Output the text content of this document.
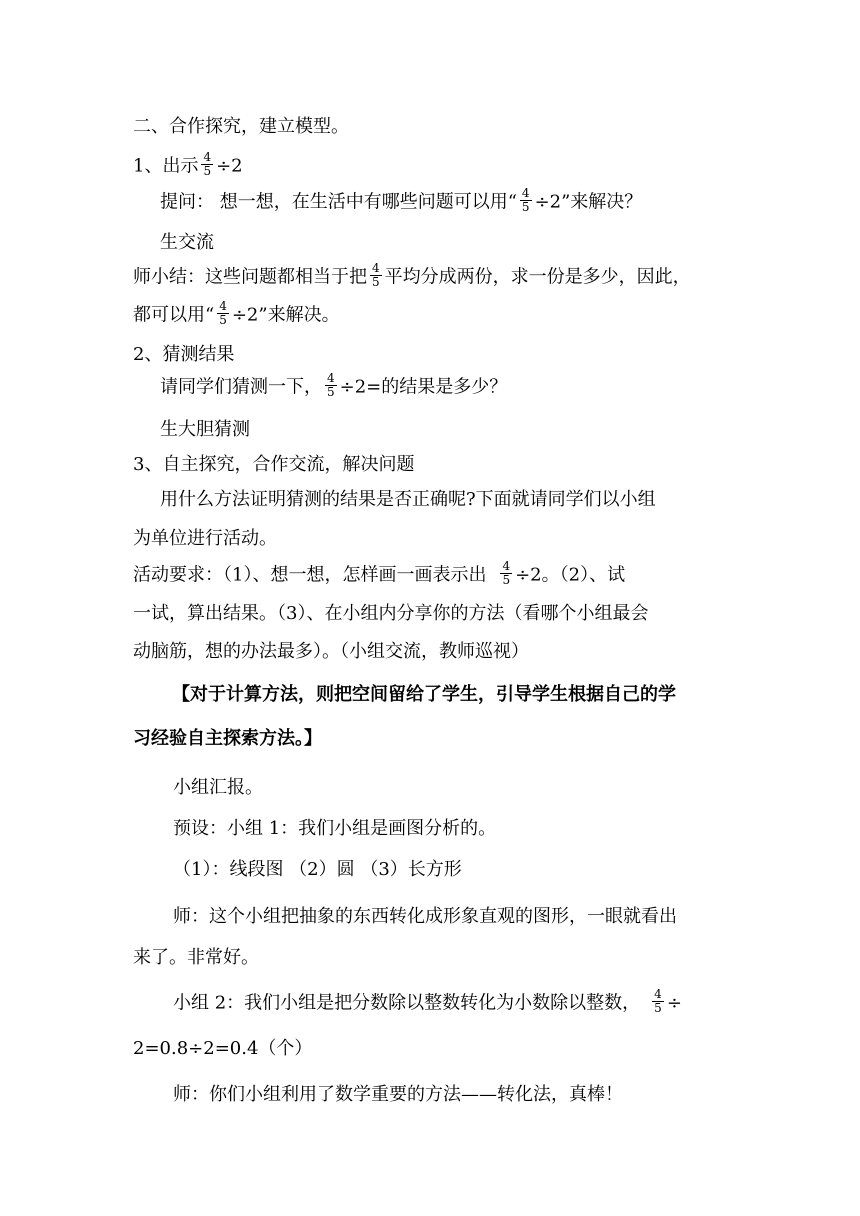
二、合作探究，建立模型。
1、出示 $\frac{4}{5} \div 2$
提问： 想一想，在生活中有哪些问题可以用“ $\frac{4}{5} \div 2$”来解决？
生交流
师小结：这些问题都相当于把 $\frac{4}{5}$ 平均分成两份，求一份是多少，因此，
都可以用“ $\frac{4}{5} \div 2$”来解决。
2、猜测结果
请同学们猜测一下， $\frac{4}{5} \div 2=$的结果是多少？
生大胆猜测
3、自主探究，合作交流，解决问题
用什么方法证明猜测的结果是否正确呢?下面就请同学们以小组
为单位进行活动。
活动要求：（1）、想一想，怎样画一画表示出 $\frac{4}{5} \div 2$。（2）、试
一试，算出结果。（3）、在小组内分享你的方法（看哪个小组最会
动脑筋，想的办法最多）。（小组交流，教师巡视）
【对于计算方法，则把空间留给了学生，引导学生根据自己的学
习经验自主探索方法。】
小组汇报。
预设：小组 1：我们小组是画图分析的。
（1）：线段图 （2）圆 （3）长方形
师：这个小组把抽象的东西转化成形象直观的图形，一眼就看出
来了。非常好。
小组 2：我们小组是把分数除以整数转化为小数除以整数， $\frac{4}{5}$ ÷
2=0.8÷2=0.4（个）
师：你们小组利用了数学重要的方法——转化法，真棒！
